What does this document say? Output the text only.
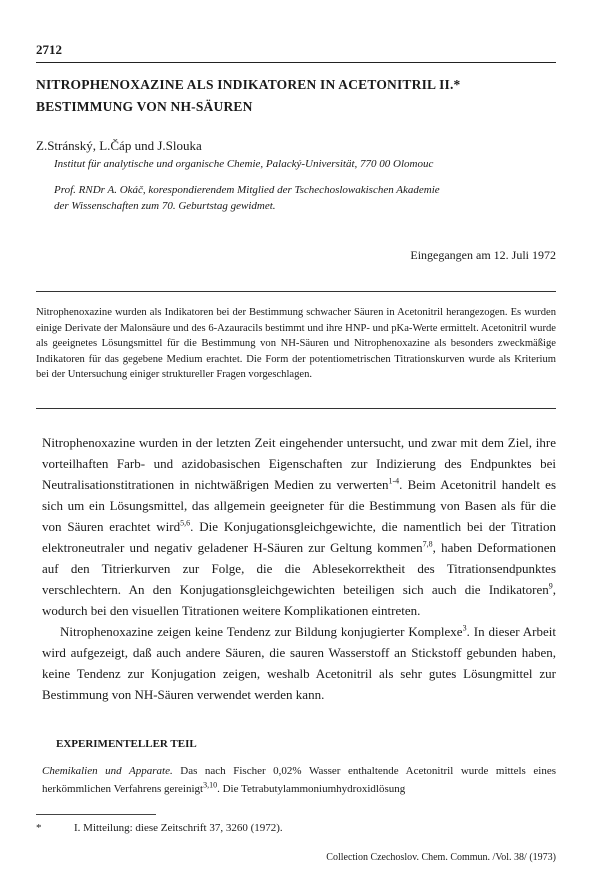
2712
NITROPHENOXAZINE ALS INDIKATOREN IN ACETONITRIL II.*
BESTIMMUNG VON NH-SÄUREN
Z.Stránský, L.Čáp und J.Slouka
Institut für analytische und organische Chemie, Palacký-Universität, 770 00 Olomouc
Prof. RNDr A. Okáč, korespondierendem Mitglied der Tschechoslowakischen Akademie
der Wissenschaften zum 70. Geburtstag gewidmet.
Eingegangen am 12. Juli 1972
Nitrophenoxazine wurden als Indikatoren bei der Bestimmung schwacher Säuren in Acetonitril herangezogen. Es wurden einige Derivate der Malonsäure und des 6-Azauracils bestimmt und ihre HNP- und pKa-Werte ermittelt. Acetonitril wurde als geeignetes Lösungsmittel für die Bestimmung von NH-Säuren und Nitrophenoxazine als besonders zweckmäßige Indikatoren für das gegebene Medium erachtet. Die Form der potentiometrischen Titrationskurven wurde als Kriterium bei der Untersuchung einiger struktureller Fragen vorgeschlagen.

Nitrophenoxazine wurden in der letzten Zeit eingehender untersucht, und zwar mit dem Ziel, ihre vorteilhaften Farb- und azidobasischen Eigenschaften zur Indizierung des Endpunktes bei Neutralisationstitrationen in nichtwäßrigen Medien zu verwerten$^{1-4}$. Beim Acetonitril handelt es sich um ein Lösungsmittel, das allgemein geeigneter für die Bestimmung von Basen als für die von Säuren erachtet wird$^{5,6}$. Die Konjugationsgleichgewichte, die namentlich bei der Titration elektroneutraler und negativ geladener H-Säuren zur Geltung kommen$^{7,8}$, haben Deformationen auf den Titrierkurven zur Folge, die die Ablesekorrektheit des Titrationsendpunktes verschlechtern. An den Konjugationsgleichgewichten beteiligen sich auch die Indikatoren$^9$, wodurch bei den visuellen Titrationen weitere Komplikationen eintreten.

Nitrophenoxazine zeigen keine Tendenz zur Bildung konjugierter Komplexe$^3$. In dieser Arbeit wird aufgezeigt, daß auch andere Säuren, die sauren Wasserstoff an Stickstoff gebunden haben, keine Tendenz zur Konjugation zeigen, weshalb Acetonitril als sehr gutes Lösungmittel zur Bestimmung von NH-Säuren verwendet werden kann.

EXPERIMENTELLER TEIL
Chemikalien und Apparate. Das nach Fischer 0,02% Wasser enthaltende Acetonitril wurde mittels eines herkömmlichen Verfahrens gereinigt$^{3,10}$. Die Tetrabutylammoniumhydroxidlösung
*	I. Mitteilung: diese Zeitschrift 37, 3260 (1972).
Collection Czechoslov. Chem. Commun. /Vol. 38/ (1973)
